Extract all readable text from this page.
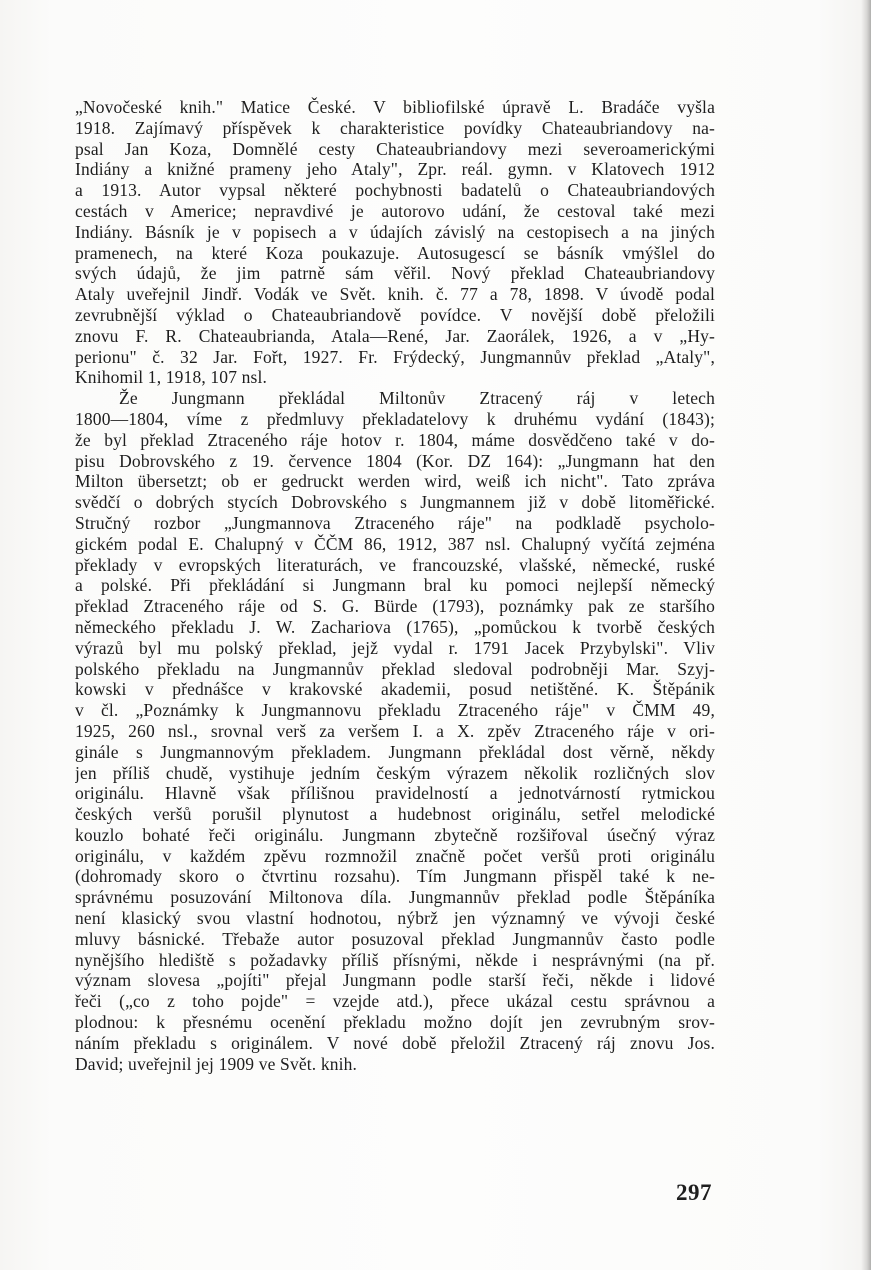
„Novočeské knih." Matice České. V bibliofilské úpravě L. Bradáče vyšla
1918. Zajímavý příspěvek k charakteristice povídky Chateaubriandovy na-
psal Jan Koza, Domnělé cesty Chateaubriandovy mezi severoamerickými
Indiány a knižné prameny jeho Ataly", Zpr. reál. gymn. v Klatovech 1912
a 1913. Autor vypsal některé pochybnosti badatelů o Chateaubriandových
cestách v Americe; nepravdivé je autorovo udání, že cestoval také mezi
Indiány. Básník je v popisech a v údajích závislý na cestopisech a na jiných
pramenech, na které Koza poukazuje. Autosugescí se básník vmýšlel do
svých údajů, že jim patrně sám věřil. Nový překlad Chateaubriandovy
Ataly uveřejnil Jindř. Vodák ve Svět. knih. č. 77 a 78, 1898. V úvodě podal
zevrubnější výklad o Chateaubriandově povídce. V novější době přeložili
znovu F. R. Chateaubrianda, Atala—René, Jar. Zaorálek, 1926, a v „Hy-
perionu" č. 32 Jar. Fořt, 1927. Fr. Frýdecký, Jungmannův překlad „Ataly",
Knihomil 1, 1918, 107 nsl.
Že Jungmann překládal Miltonův Ztracený ráj v letech
1800—1804, víme z předmluvy překladatelovy k druhému vydání (1843);
že byl překlad Ztraceného ráje hotov r. 1804, máme dosvědčeno také v do-
pisu Dobrovského z 19. července 1804 (Kor. DZ 164): „Jungmann hat den
Milton übersetzt; ob er gedruckt werden wird, weiß ich nicht". Tato zpráva
svědčí o dobrých stycích Dobrovského s Jungmannem již v době litoměřické.
Stručný rozbor „Jungmannova Ztraceného ráje" na podkladě psycholo-
gickém podal E. Chalupný v ČČM 86, 1912, 387 nsl. Chalupný vyčítá zejména
překlady v evropských literaturách, ve francouzské, vlašské, německé, ruské
a polské. Při překládání si Jungmann bral ku pomoci nejlepší německý
překlad Ztraceného ráje od S. G. Bürde (1793), poznámky pak ze staršího
německého překladu J. W. Zachariova (1765), „pomůckou k tvorbě českých
výrazů byl mu polský překlad, jejž vydal r. 1791 Jacek Przybylski". Vliv
polského překladu na Jungmannův překlad sledoval podrobněji Mar. Szyj-
kowski v přednášce v krakovské akademii, posud netištěné. K. Štěpánik
v čl. „Poznámky k Jungmannovu překladu Ztraceného ráje" v ČMM 49,
1925, 260 nsl., srovnal verš za veršem I. a X. zpěv Ztraceného ráje v ori-
ginále s Jungmannovým překladem. Jungmann překládal dost věrně, někdy
jen příliš chudě, vystihuje jedním českým výrazem několik rozličných slov
originálu. Hlavně však přílišnou pravidelností a jednotvárností rytmickou
českých veršů porušil plynutost a hudebnost originálu, setřel melodické
kouzlo bohaté řeči originálu. Jungmann zbytečně rozšiřoval úsečný výraz
originálu, v každém zpěvu rozmnožil značně počet veršů proti originálu
(dohromady skoro o čtvrtinu rozsahu). Tím Jungmann přispěl také k ne-
správnému posuzování Miltonova díla. Jungmannův překlad podle Štěpáníka
není klasický svou vlastní hodnotou, nýbrž jen významný ve vývoji české
mluvy básnické. Třebaže autor posuzoval překlad Jungmannův často podle
nynějšího hlediště s požadavky příliš přísnými, někde i nesprávnými (na př.
význam slovesa „pojíti" přejal Jungmann podle starší řeči, někde i lidové
řeči („co z toho pojde" = vzejde atd.), přece ukázal cestu správnou a
plodnou: k přesnému ocenění překladu možno dojít jen zevrubným srov-
náním překladu s originálem. V nové době přeložil Ztracený ráj znovu Jos.
David; uveřejnil jej 1909 ve Svět. knih.
297
